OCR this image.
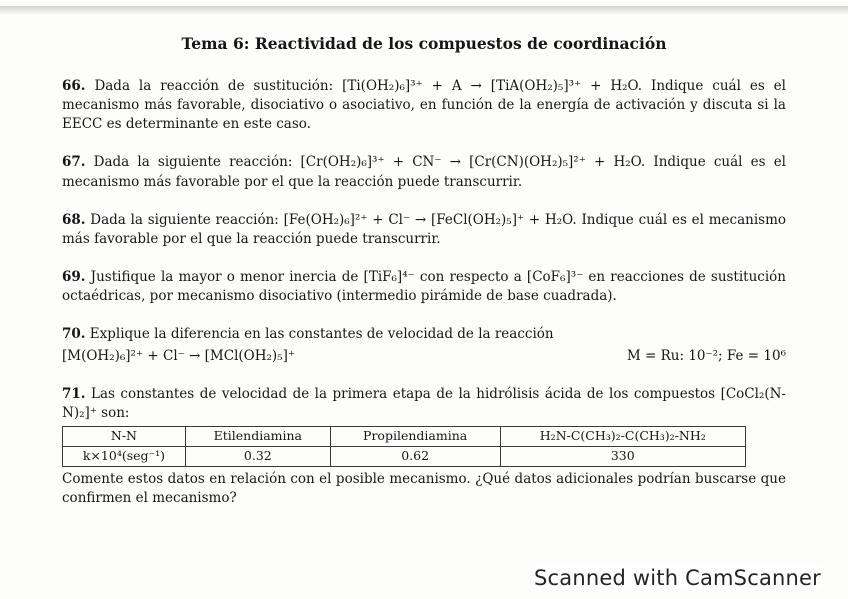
Tema 6: Reactividad de los compuestos de coordinación

66. Dada la reacción de sustitución: [Ti(OH₂)₆]³⁺ + A → [TiA(OH₂)₅]³⁺ + H₂O. Indique cuál es el mecanismo más favorable, disociativo o asociativo, en función de la energía de activación y discuta si la EECC es determinante en este caso.

67. Dada la siguiente reacción: [Cr(OH₂)₆]³⁺ + CN⁻ → [Cr(CN)(OH₂)₅]²⁺ + H₂O. Indique cuál es el mecanismo más favorable por el que la reacción puede transcurrir.

68. Dada la siguiente reacción: [Fe(OH₂)₆]²⁺ + Cl⁻ → [FeCl(OH₂)₅]⁺ + H₂O. Indique cuál es el mecanismo más favorable por el que la reacción puede transcurrir.

69. Justifique la mayor o menor inercia de [TiF₆]⁴⁻ con respecto a [CoF₆]³⁻ en reacciones de sustitución octaédricas, por mecanismo disociativo (intermedio pirámide de base cuadrada).

70. Explique la diferencia en las constantes de velocidad de la reacción

[M(OH₂)₆]²⁺ + Cl⁻ → [MCl(OH₂)₅]⁺	M = Ru: 10⁻²; Fe = 10⁶

71. Las constantes de velocidad de la primera etapa de la hidrólisis ácida de los compuestos [CoCl₂(N-N)₂]⁺ son:

N-N	Etilendiamina	Propilendiamina	H₂N-C(CH₃)₂-C(CH₃)₂-NH₂
k×10⁴(seg⁻¹)	0.32	0.62	330

Comente estos datos en relación con el posible mecanismo. ¿Qué datos adicionales podrían buscarse que confirmen el mecanismo?

Scanned with CamScanner
